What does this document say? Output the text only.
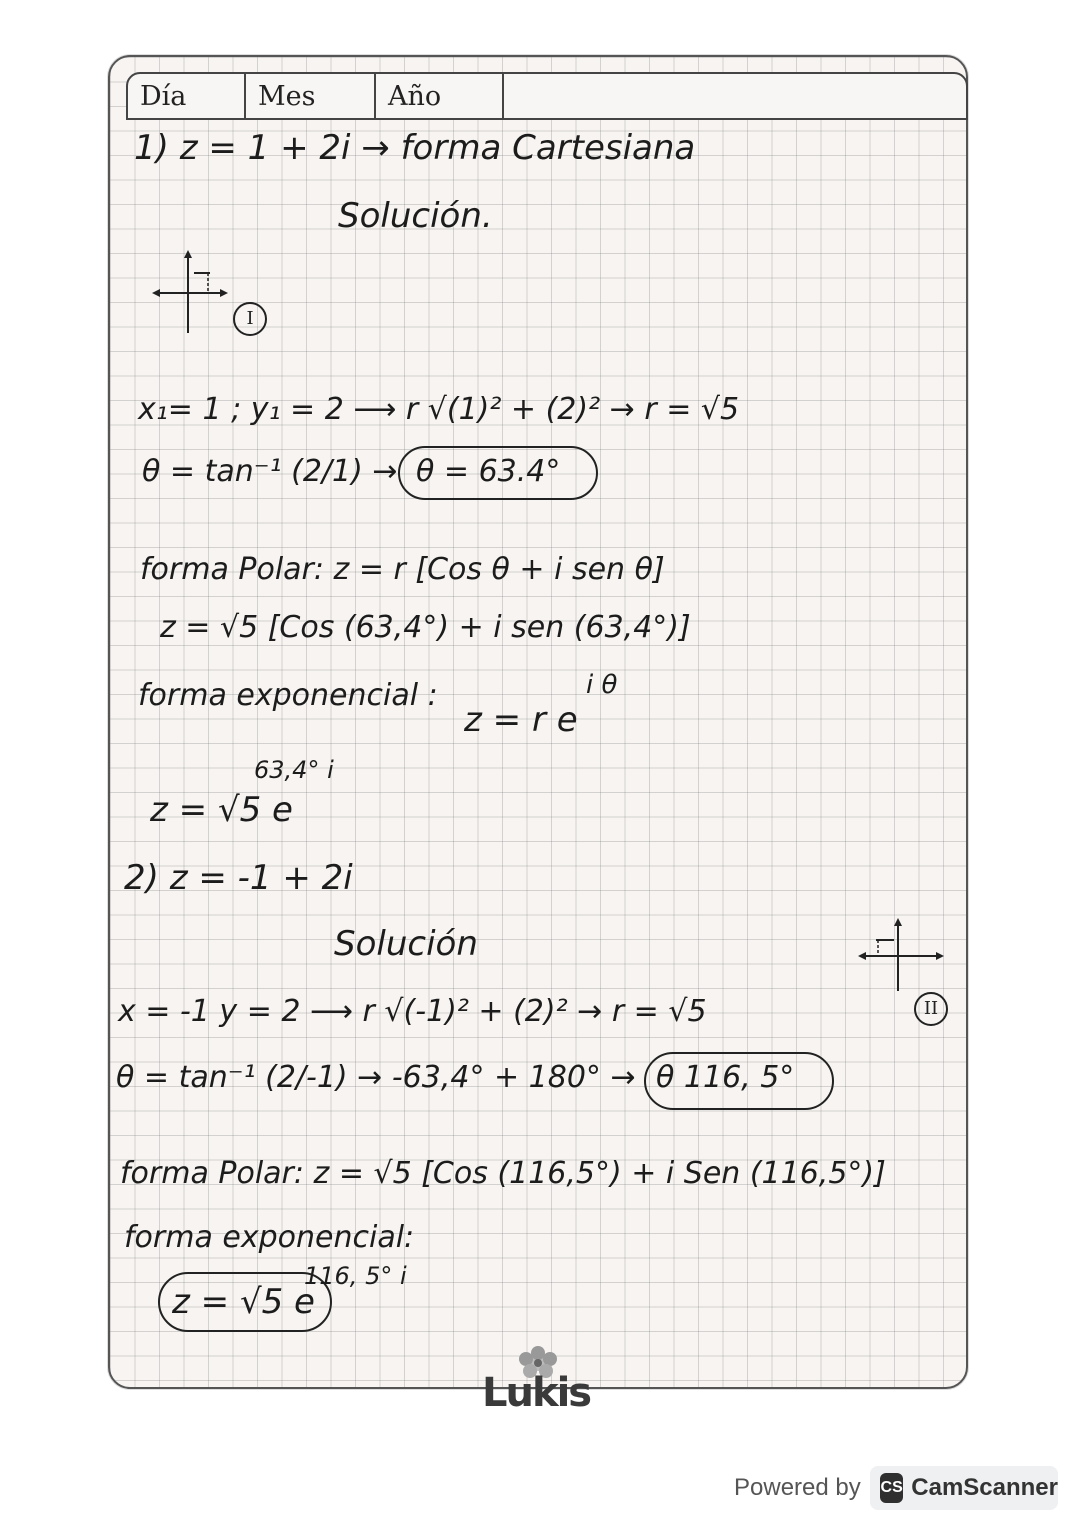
Día	Mes	Año
1) z = 1 + 2i → forma Cartesiana
Solución.
I
x₁= 1 ; y₁ = 2 ⟶ r √(1)² + (2)² → r = √5
θ = tan⁻¹ (2/1) → θ = 63.4°
forma Polar: z = r [Cos θ + i sen θ]
z = √5 [Cos (63,4°) + i sen (63,4°)]
forma exponencial :
z = r e
i θ
z = √5 e
63,4° i
2) z = -1 + 2i
Solución
II
x = -1 y = 2 ⟶ r √(-1)² + (2)² → r = √5
θ = tan⁻¹ (2/-1) → -63,4° + 180° → θ 116, 5°
forma Polar: z = √5 [Cos (116,5°) + i Sen (116,5°)]
forma exponencial:
z = √5 e
116, 5° i
Lukis
Powered by CS CamScanner
